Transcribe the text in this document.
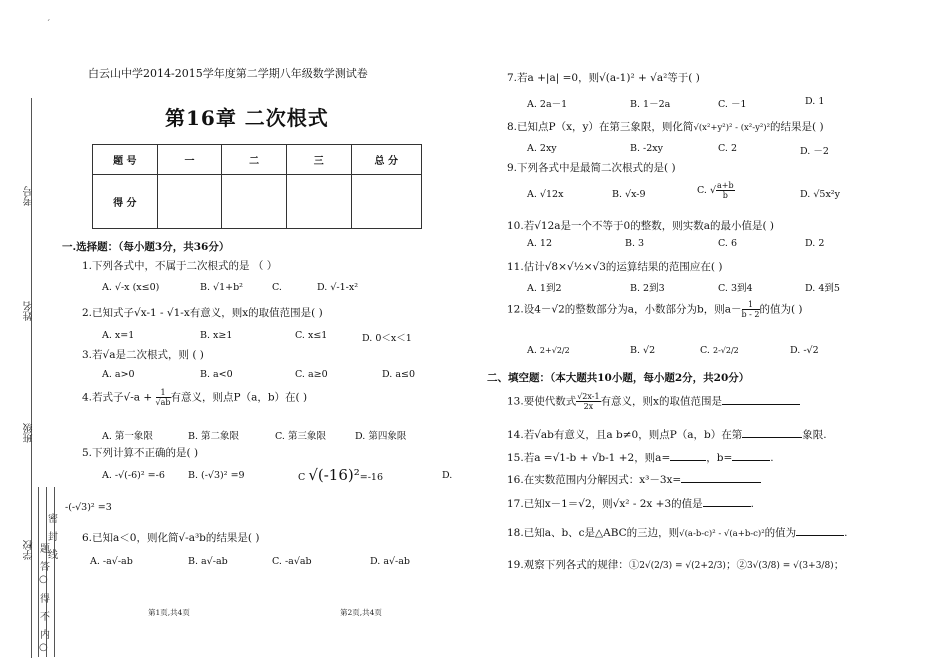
ˊ
考号
姓名
班级
学校 题
答
○
得
不
内
○
密
封
线
白云山中学2014-2015学年度第二学期八年级数学测试卷
第16章 二次根式
题 号	一	二	三	总 分
得 分				
一.选择题：（每小题3分，共36分）
1.下列各式中，不属于二次根式的是 （ ）
A. √-x (x≤0)	B. √1+b²	C.	D. √-1-x²
2.已知式子√x-1 - √1-x有意义，则x的取值范围是( )
A. x=1	B. x≥1	C. x≤1	D. 0＜x＜1
3.若√a是二次根式，则 ( )
A. a>0	B. a<0	C. a≥0	D. a≤0
4.若式子$√-a + \frac{1}{√ab}$ 有意义，则点P（a，b）在( )
A. 第一象限	B. 第二象限	C. 第三象限	D. 第四象限
5.下列计算不正确的是( )
A. -√(-6)² =-6 B. (-√3)² =9	C √(-16)²=-16	D.
-(-√3)² =3
6.已知a＜0，则化简√-a³b的结果是( )
A. -a√-ab	B. a√-ab	C. -a√ab	D. a√-ab
7.若a +|a| =0，则√(a-1)² + √a²等于( )
A. 2a－1	B. 1－2a	C. －1	D. 1
8.已知点P（x，y）在第三象限，则化简√(x²+y²)² - (x²-y²)²的结果是( )
A. 2xy	B. -2xy	C. 2	D. －2
9.下列各式中是最简二次根式的是( )
A. √12x	B. √x-9	C. √ $\frac{a+b}{b}$	D. √5x²y
10.若√12a是一个不等于0的整数，则实数a的最小值是( )
A. 12	B. 3	C. 6	D. 2
11.估计√8×√½×√3的运算结果的范围应在( )
A. 1到2	B. 2到3	C. 3到4	D. 4到5
12.设4－√2的整数部分为a，小数部分为b，则$a- \frac{1}{b - 2}$ 的值为( )
A. 2+√2/2	B. √2	C. 2-√2/2	D. -√2
二、填空题：（本大题共10小题，每小题2分，共20分）
13.要使代数式 $\frac{√2x-1}{2x}$ 有意义，则x的取值范围是
14.若√ab有意义，且a b≠0，则点P（a，b）在第	象限.
15.若a =√1-b + √b-1 +2，则a=	，b=	.
16.在实数范围内分解因式：x³－3x=
17.已知x－1＝√2，则√x² - 2x +3的值是	.
18.已知a、b、c是△ABC的三边，则√(a-b-c)² - √(a+b-c)²的值为	.
19.观察下列各式的规律：①2√(2/3) = √(2+2/3)；②3√(3/8) = √(3+3/8)；
第1页,共4页	第2页,共4页
